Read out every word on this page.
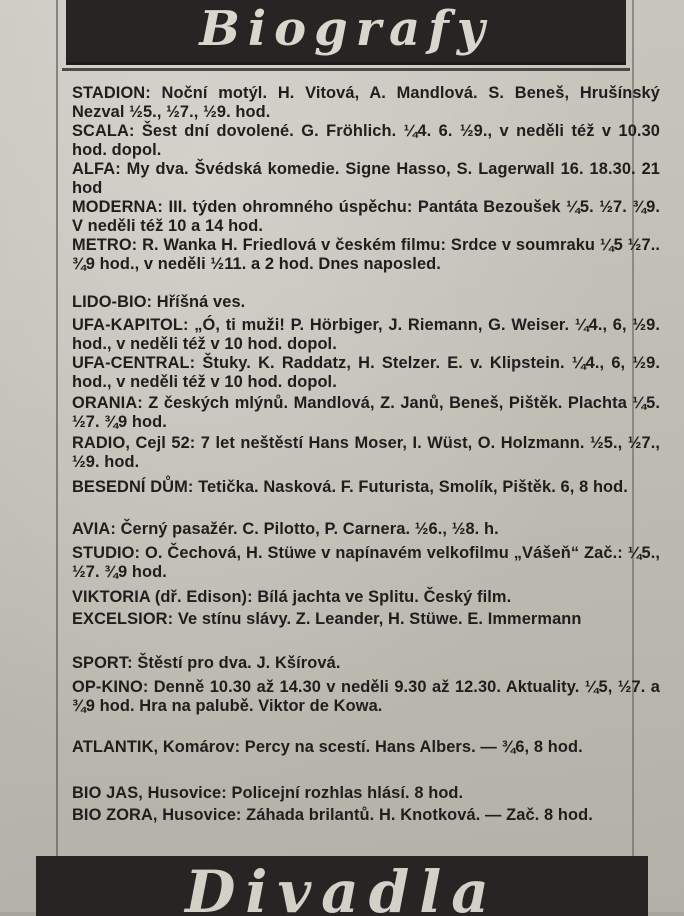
Biografy
STADION: Noční motýl. H. Vitová, A. Mandlová. S. Beneš, Hrušínský Nezval ½5., ½7., ½9. hod.
SCALA: Šest dní dovolené. G. Fröhlich. ¼4. 6. ½9., v neděli též v 10.30 hod. dopol.
ALFA: My dva. Švédská komedie. Signe Hasso, S. Lagerwall 16. 18.30. 21 hod
MODERNA: III. týden ohromného úspěchu: Pantáta Bezoušek ¼5. ½7. ¾9. V neděli též 10 a 14 hod.
METRO: R. Wanka H. Friedlová v českém filmu: Srdce v soumraku ¼5 ½7.. ¾9 hod., v neděli ½11. a 2 hod. Dnes naposled.
LIDO-BIO: Hříšná ves.
UFA-KAPITOL: „Ó, ti muži! P. Hörbiger, J. Riemann, G. Weiser. ¼4., 6, ½9. hod., v neděli též v 10 hod. dopol.
UFA-CENTRAL: Štuky. K. Raddatz, H. Stelzer. E. v. Klipstein. ¼4., 6, ½9. hod., v neděli též v 10 hod. dopol.
ORANIA: Z českých mlýnů. Mandlová, Z. Janů, Beneš, Pištěk. Plachta ¼5. ½7. ¾9 hod.
RADIO, Cejl 52: 7 let neštěstí Hans Moser, I. Wüst, O. Holzmann. ½5., ½7., ½9. hod.
BESEDNÍ DŮM: Tetička. Nasková. F. Futurista, Smolík, Pištěk. 6, 8 hod.
AVIA: Černý pasažér. C. Pilotto, P. Carnera. ½6., ½8. h.
STUDIO: O. Čechová, H. Stüwe v napínavém velkofilmu „Vášeň“ Zač.: ¼5., ½7. ¾9 hod.
VIKTORIA (dř. Edison): Bílá jachta ve Splitu. Český film.
EXCELSIOR: Ve stínu slávy. Z. Leander, H. Stüwe. E. Immermann
SPORT: Štěstí pro dva. J. Kšírová.
OP-KINO: Denně 10.30 až 14.30 v neděli 9.30 až 12.30. Aktuality. ¼5, ½7. a ¾9 hod. Hra na palubě. Viktor de Kowa.
ATLANTIK, Komárov: Percy na scestí. Hans Albers. — ¾6, 8 hod.
BIO JAS, Husovice: Policejní rozhlas hlásí. 8 hod.
BIO ZORA, Husovice: Záhada brilantů. H. Knotková. — Zač. 8 hod.
Divadla
